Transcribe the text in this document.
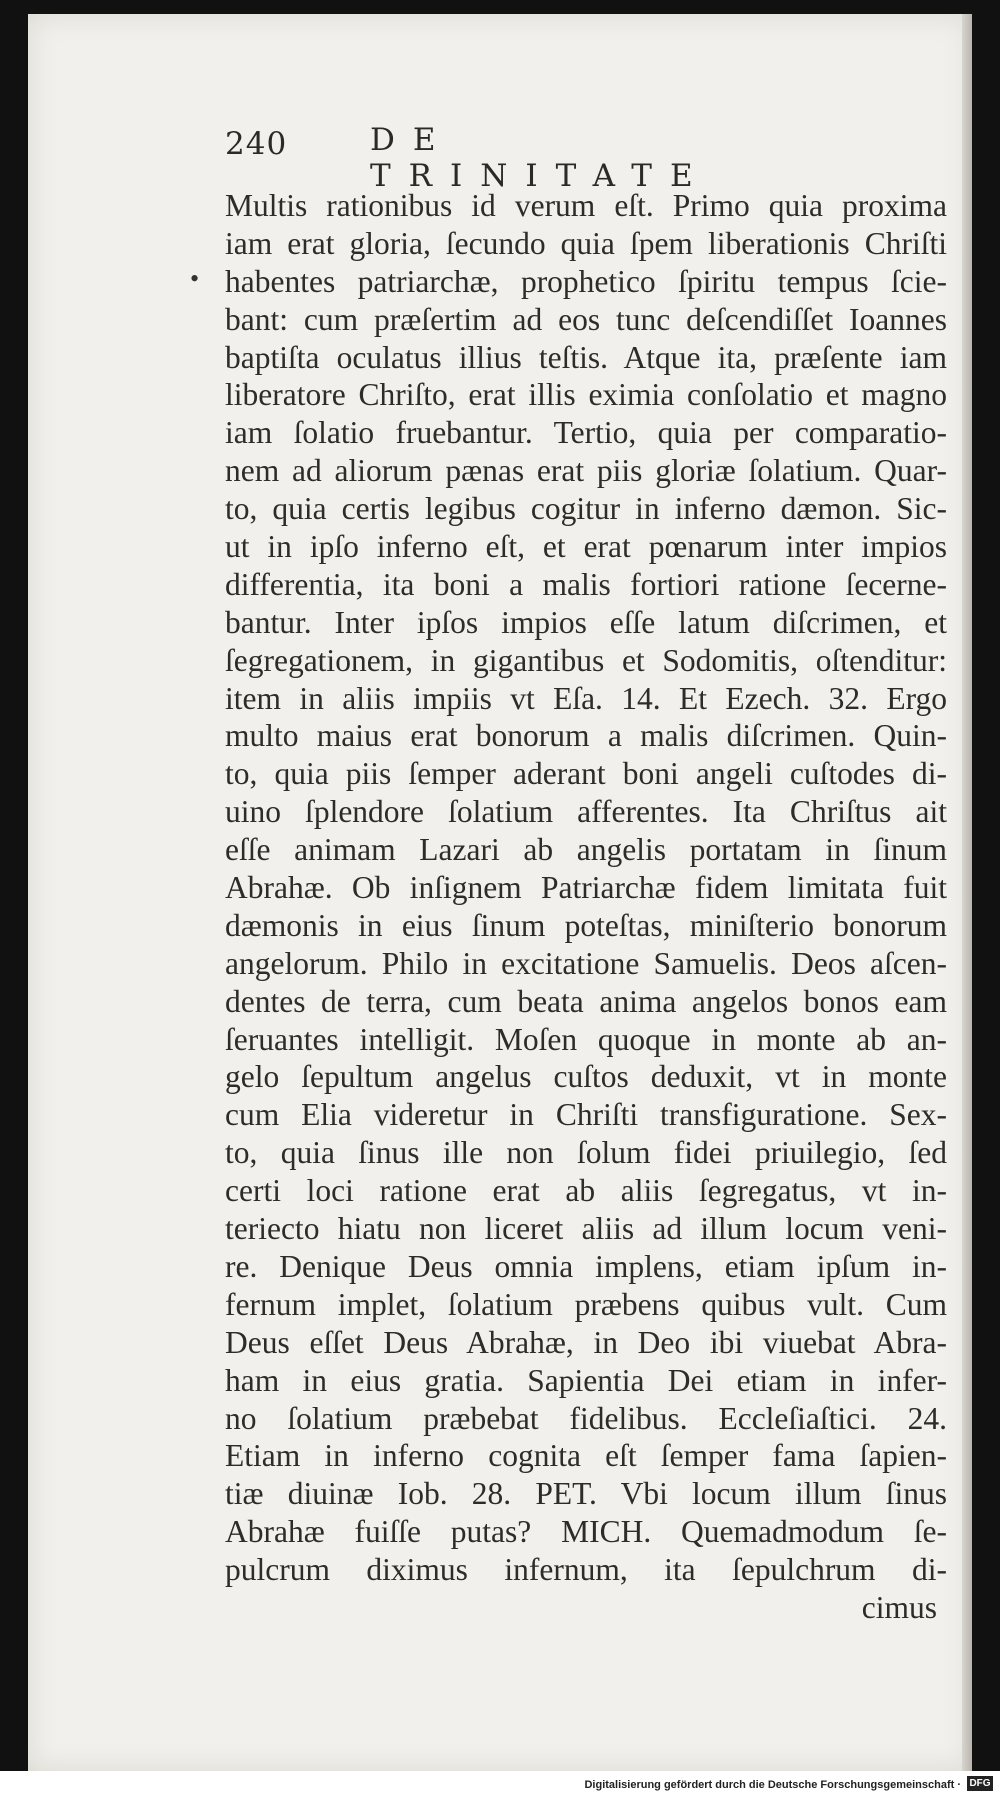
240	DE TRINITATE
•
Multis rationibus id verum eſt. Primo quia proxima
iam erat gloria, ſecundo quia ſpem liberationis Chriſti
habentes patriarchæ, prophetico ſpiritu tempus ſcie-
bant: cum præſertim ad eos tunc deſcendiſſet Ioannes
baptiſta oculatus illius teſtis. Atque ita, præſente iam
liberatore Chriſto, erat illis eximia conſolatio et magno
iam ſolatio fruebantur. Tertio, quia per comparatio-
nem ad aliorum pænas erat piis gloriæ ſolatium. Quar-
to, quia certis legibus cogitur in inferno dæmon. Sic-
ut in ipſo inferno eſt, et erat pœnarum inter impios
differentia, ita boni a malis fortiori ratione ſecerne-
bantur. Inter ipſos impios eſſe latum diſcrimen, et
ſegregationem, in gigantibus et Sodomitis, oſtenditur:
item in aliis impiis vt Eſa. 14. Et Ezech. 32. Ergo
multo maius erat bonorum a malis diſcrimen. Quin-
to, quia piis ſemper aderant boni angeli cuſtodes di-
uino ſplendore ſolatium afferentes. Ita Chriſtus ait
eſſe animam Lazari ab angelis portatam in ſinum
Abrahæ. Ob inſignem Patriarchæ fidem limitata fuit
dæmonis in eius ſinum poteſtas, miniſterio bonorum
angelorum. Philo in excitatione Samuelis. Deos aſcen-
dentes de terra, cum beata anima angelos bonos eam
ſeruantes intelligit. Moſen quoque in monte ab an-
gelo ſepultum angelus cuſtos deduxit, vt in monte
cum Elia videretur in Chriſti transfiguratione. Sex-
to, quia ſinus ille non ſolum fidei priuilegio, ſed
certi loci ratione erat ab aliis ſegregatus, vt in-
teriecto hiatu non liceret aliis ad illum locum veni-
re. Denique Deus omnia implens, etiam ipſum in-
fernum implet, ſolatium præbens quibus vult. Cum
Deus eſſet Deus Abrahæ, in Deo ibi viuebat Abra-
ham in eius gratia. Sapientia Dei etiam in infer-
no ſolatium præbebat fidelibus. Eccleſiaſtici. 24.
Etiam in inferno cognita eſt ſemper fama ſapien-
tiæ diuinæ Iob. 28. PET. Vbi locum illum ſinus
Abrahæ fuiſſe putas? MICH. Quemadmodum ſe-
pulcrum diximus infernum, ita ſepulchrum di-
cimus
Digitalisierung gefördert durch die Deutsche Forschungsgemeinschaft · DFG
